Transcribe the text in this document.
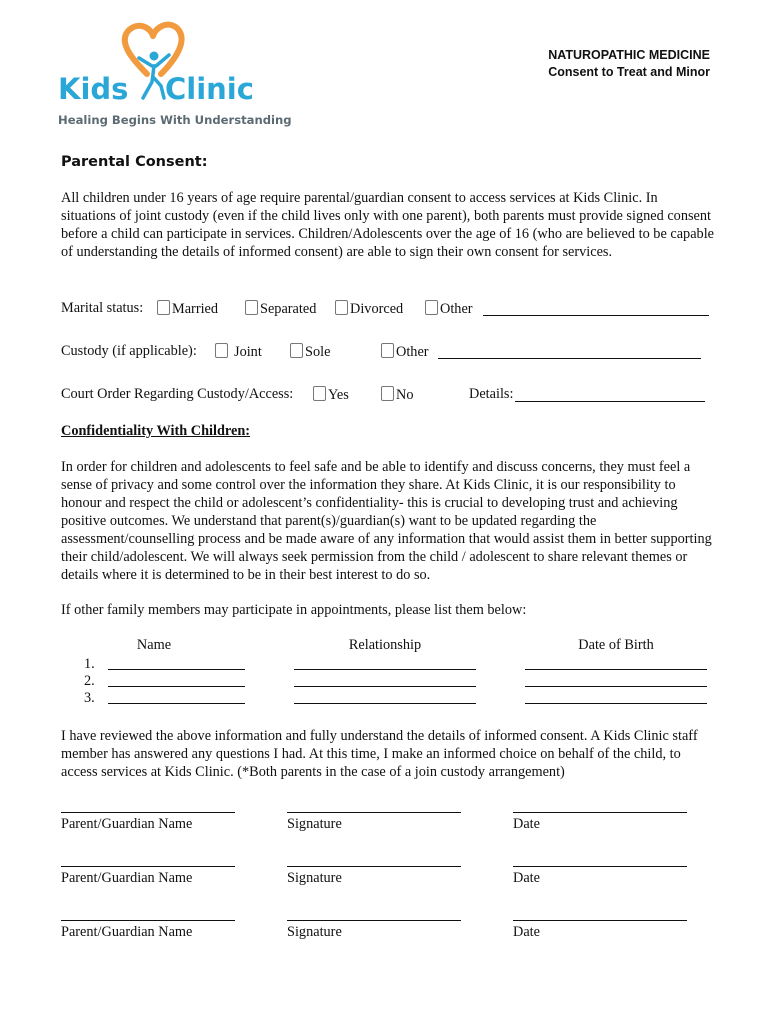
Kids Clinic
Healing Begins With Understanding
NATUROPATHIC MEDICINE
Consent to Treat and Minor
Parental Consent:
All children under 16 years of age require parental/guardian consent to access services at Kids Clinic. In situations of joint custody (even if the child lives only with one parent), both parents must provide signed consent before a child can participate in services. Children/Adolescents over the age of 16 (who are believed to be capable of understanding the details of informed consent) are able to sign their own consent for services.
Marital status:	Married	Separated	Divorced	Other
Custody (if applicable):	Joint	Sole	Other
Court Order Regarding Custody/Access:	Yes	No	Details:
Confidentiality With Children:
In order for children and adolescents to feel safe and be able to identify and discuss concerns, they must feel a sense of privacy and some control over the information they share. At Kids Clinic, it is our responsibility to honour and respect the child or adolescent’s confidentiality- this is crucial to developing trust and achieving positive outcomes. We understand that parent(s)/guardian(s) want to be updated regarding the assessment/counselling process and be made aware of any information that would assist them in better supporting their child/adolescent. We will always seek permission from the child / adolescent to share relevant themes or details where it is determined to be in their best interest to do so.
If other family members may participate in appointments, please list them below:
Name	Relationship	Date of Birth
1.
2.
3.
I have reviewed the above information and fully understand the details of informed consent. A Kids Clinic staff member has answered any questions I had. At this time, I make an informed choice on behalf of the child, to access services at Kids Clinic. (*Both parents in the case of a join custody arrangement)
Parent/Guardian Name	Signature	Date
Parent/Guardian Name	Signature	Date
Parent/Guardian Name	Signature	Date
